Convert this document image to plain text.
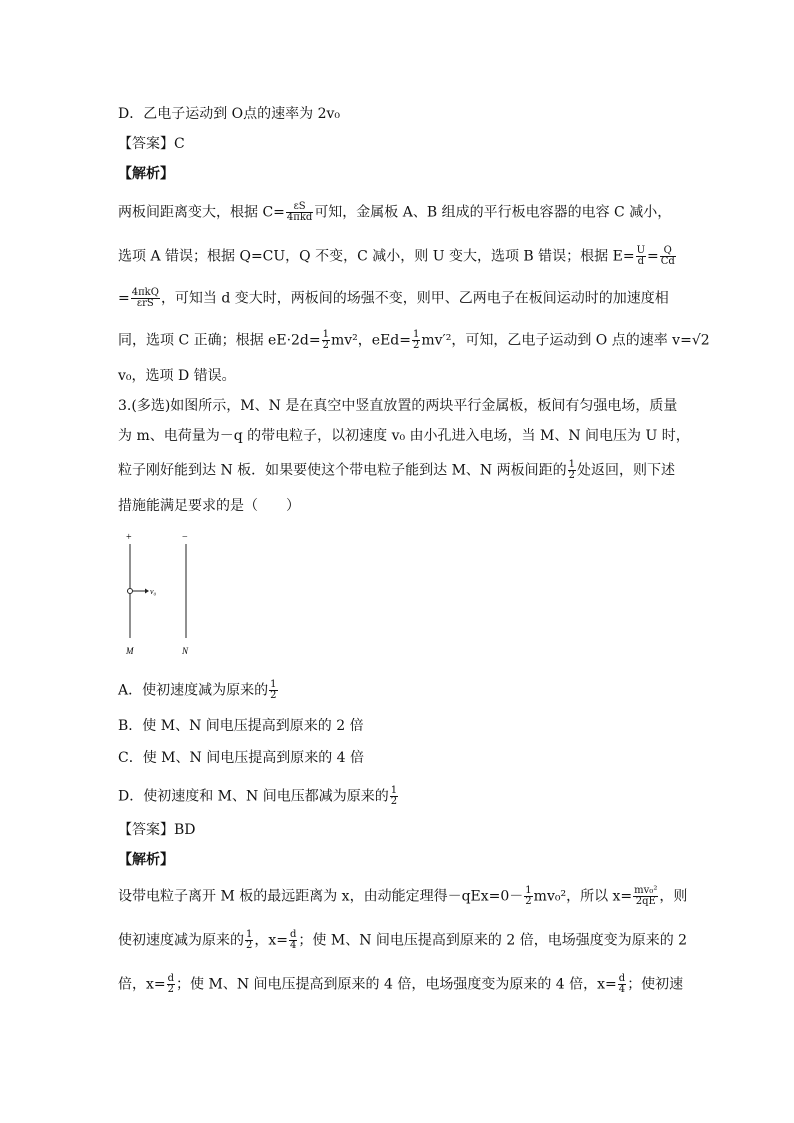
D．乙电子运动到 O点的速率为 2v₀
【答案】C
【解析】
两板间距离变大，根据 $C= \frac{\varepsilon S}{\text{4πkd}}$ 可知，金属板 A、B 组成的平行板电容器的电容 C 减小，
选项 A 错误；根据 Q=CU，Q 不变，C 减小，则 U 变大，选项 B 错误；根据 $E= \frac{U}{d} = \frac{Q}{Cd}$
= $\frac{\text{4πkQ}}{\text{εrS}}$ ，可知当 d 变大时，两板间的场强不变，则甲、乙两电子在板间运动时的加速度相
同，选项 C 正确；根据 $eE\cdot 2d= \frac{1}{2} mv^2$，$eEd= \frac{1}{2} mv'^2$，可知，乙电子运动到 O 点的速率 v=√2
v₀，选项 D 错误。
3.(多选)如图所示，M、N 是在真空中竖直放置的两块平行金属板，板间有匀强电场，质量
为 m、电荷量为－q 的带电粒子，以初速度 v₀ 由小孔进入电场，当 M、N 间电压为 U 时，
粒子刚好能到达 N 板．如果要使这个带电粒子能到达 M、N 两板间距的 $\frac{1}{2}$ 处返回，则下述
措施能满足要求的是（　　）
+	−
v₀
M	N
A．使初速度减为原来的 $\frac{1}{2}$
B．使 M、N 间电压提高到原来的 2 倍
C．使 M、N 间电压提高到原来的 4 倍
D．使初速度和 M、N 间电压都减为原来的 $\frac{1}{2}$
【答案】BD
【解析】
设带电粒子离开 M 板的最远距离为 x，由动能定理得$-qEx=0- \frac{1}{2} mv_0^2$，所以 $x= \frac{\text{mv₀²}}{2qE}$ ，则
使初速度减为原来的 $\frac{1}{2}$ ，$x= \frac{d}{4}$ ；使 M、N 间电压提高到原来的 2 倍，电场强度变为原来的 2
倍，$x= \frac{d}{2}$ ；使 M、N 间电压提高到原来的 4 倍，电场强度变为原来的 4 倍，$x= \frac{d}{4}$ ；使初速
